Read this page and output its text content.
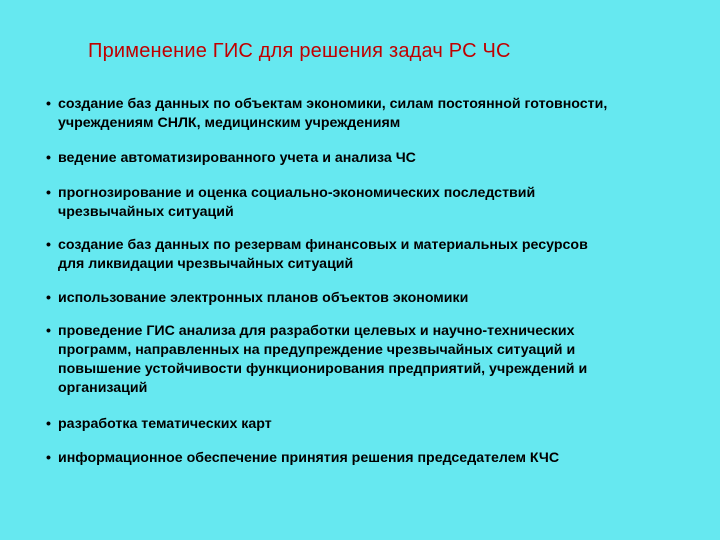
Применение ГИС для решения задач РС ЧС
• создание баз данных по объектам экономики, силам постоянной готовности,
учреждениям СНЛК, медицинским учреждениям
• ведение автоматизированного учета и анализа ЧС
• прогнозирование и оценка социально-экономических последствий
чрезвычайных ситуаций
• создание баз данных по резервам финансовых и материальных ресурсов
для ликвидации чрезвычайных ситуаций
• использование электронных планов объектов экономики
• проведение ГИС анализа для разработки целевых и научно-технических
программ, направленных на предупреждение чрезвычайных ситуаций и
повышение устойчивости функционирования предприятий, учреждений и
организаций
• разработка тематических карт
• информационное обеспечение принятия решения председателем КЧС
